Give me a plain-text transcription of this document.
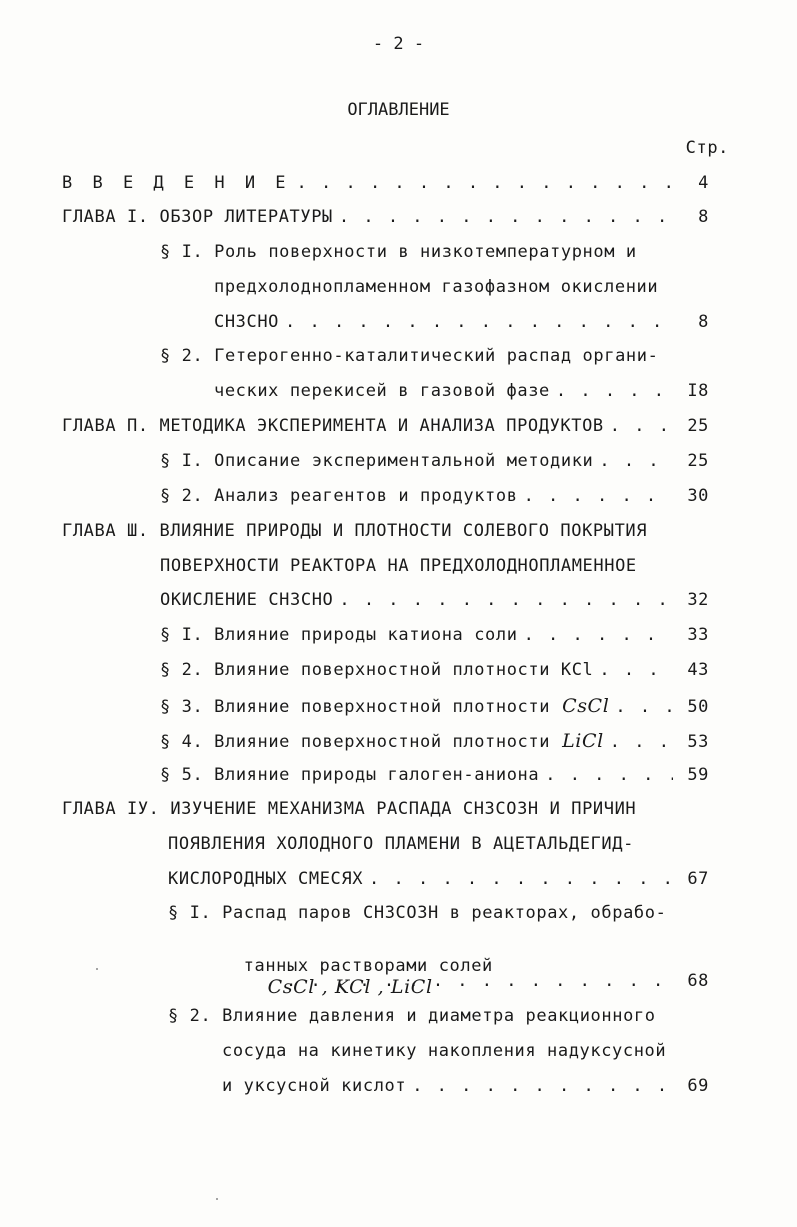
- 2 -
ОГЛАВЛЕНИЕ
Стр.
В В Е Д Е Н И Е . . .	4
ГЛАВА I. ОБЗОР ЛИТЕРАТУРЫ . . .	8
§ I. Роль поверхности в низкотемпературном и
предхолоднопламенном газофазном окислении
CH3CHO . . .	8
§ 2. Гетерогенно-каталитический распад органи-
ческих перекисей в газовой фазе . . .	I8
ГЛАВА П. МЕТОДИКА ЭКСПЕРИМЕНТА И АНАЛИЗА ПРОДУКТОВ . . .	25
§ I. Описание экспериментальной методики . . .	25
§ 2. Анализ реагентов и продуктов . . .	30
ГЛАВА Ш. ВЛИЯНИЕ ПРИРОДЫ И ПЛОТНОСТИ СОЛЕВОГО ПОКРЫТИЯ
ПОВЕРХНОСТИ РЕАКТОРА НА ПРЕДХОЛОДНОПЛАМЕННОЕ
ОКИСЛЕНИЕ CH3CHO . . .	32
§ I. Влияние природы катиона соли . . .	33
§ 2. Влияние поверхностной плотности KCl . . .	43
§ 3. Влияние поверхностной плотности CsCl . . .	50
§ 4. Влияние поверхностной плотности LiCl . . .	53
§ 5. Влияние природы галоген-аниона . . .	59
ГЛАВА IУ. ИЗУЧЕНИЕ МЕХАНИЗМА РАСПАДА CH3CO3H И ПРИЧИН
ПОЯВЛЕНИЯ ХОЛОДНОГО ПЛАМЕНИ В АЦЕТАЛЬДЕГИД-
КИСЛОРОДНЫХ СМЕСЯХ . . .	67
§ I. Распад паров CH3CO3H в реакторах, обрабо-

танных растворами солей
CsCl , KCl , LiCl . . .	68
§ 2. Влияние давления и диаметра реакционного
сосуда на кинетику накопления надуксусной
и уксусной кислот . . .	69
